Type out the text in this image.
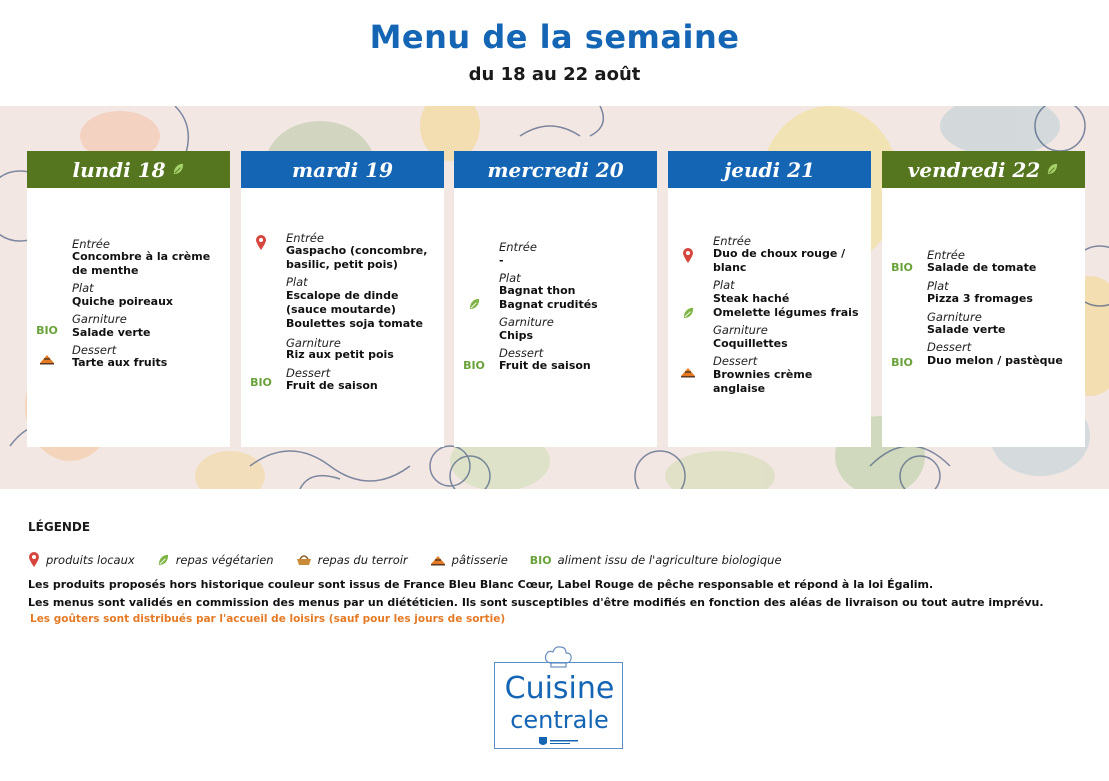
Menu de la semaine
du 18 au 22 août
lundi 18
Entrée
Concombre à la crème de menthe
Plat
Quiche poireaux
Garniture
BIO Salade verte
Dessert
Tarte aux fruits
mardi 19
Entrée
Gaspacho (concombre, basilic, petit pois)
Plat
Escalope de dinde (sauce moutarde)
Boulettes soja tomate
Garniture
Riz aux petit pois
Dessert
BIO Fruit de saison
mercredi 20
Entrée
-
Plat
Bagnat thon
Bagnat crudités
Garniture
Chips
Dessert
BIO Fruit de saison
jeudi 21
Entrée
Duo de choux rouge / blanc
Plat
Steak haché
Omelette légumes frais
Garniture
Coquillettes
Dessert
Brownies crème anglaise
vendredi 22
Entrée
BIO Salade de tomate
Plat
Pizza 3 fromages
Garniture
Salade verte
Dessert
BIO Duo melon / pastèque
LÉGENDE
produits locaux	repas végétarien	repas du terroir	pâtisserie BIO aliment issu de l'agriculture biologique
Les produits proposés hors historique couleur sont issus de France Bleu Blanc Cœur, Label Rouge de pêche responsable et répond à la loi Égalim.
Les menus sont validés en commission des menus par un diététicien. Ils sont susceptibles d'être modifiés en fonction des aléas de livraison ou tout autre imprévu.
Les goûters sont distribués par l'accueil de loisirs (sauf pour les jours de sortie)
Cuisine
centrale
